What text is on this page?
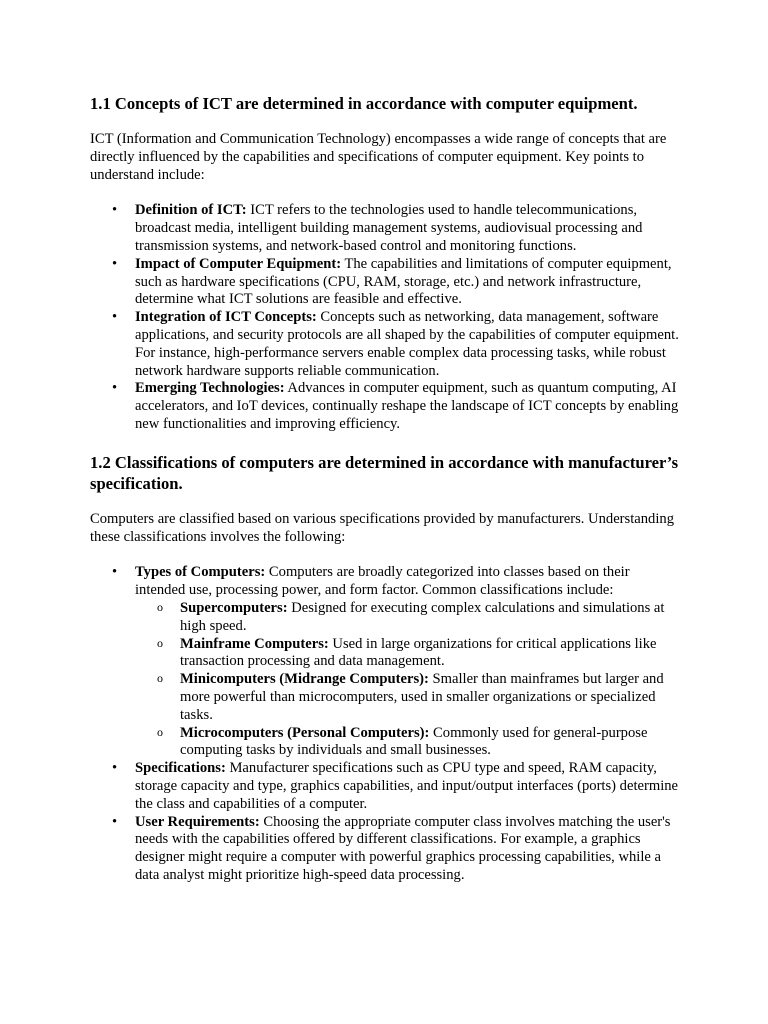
1.1 Concepts of ICT are determined in accordance with computer equipment.

ICT (Information and Communication Technology) encompasses a wide range of concepts that are directly influenced by the capabilities and specifications of computer equipment. Key points to understand include:

• Definition of ICT: ICT refers to the technologies used to handle telecommunications, broadcast media, intelligent building management systems, audiovisual processing and transmission systems, and network-based control and monitoring functions.
• Impact of Computer Equipment: The capabilities and limitations of computer equipment, such as hardware specifications (CPU, RAM, storage, etc.) and network infrastructure, determine what ICT solutions are feasible and effective.
• Integration of ICT Concepts: Concepts such as networking, data management, software applications, and security protocols are all shaped by the capabilities of computer equipment. For instance, high-performance servers enable complex data processing tasks, while robust network hardware supports reliable communication.
• Emerging Technologies: Advances in computer equipment, such as quantum computing, AI accelerators, and IoT devices, continually reshape the landscape of ICT concepts by enabling new functionalities and improving efficiency.
1.2 Classifications of computers are determined in accordance with manufacturer’s specification.

Computers are classified based on various specifications provided by manufacturers. Understanding these classifications involves the following:

• Types of Computers: Computers are broadly categorized into classes based on their intended use, processing power, and form factor. Common classifications include:
o Supercomputers: Designed for executing complex calculations and simulations at high speed.
o Mainframe Computers: Used in large organizations for critical applications like transaction processing and data management.
o Minicomputers (Midrange Computers): Smaller than mainframes but larger and more powerful than microcomputers, used in smaller organizations or specialized tasks.
o Microcomputers (Personal Computers): Commonly used for general-purpose computing tasks by individuals and small businesses.
• Specifications: Manufacturer specifications such as CPU type and speed, RAM capacity, storage capacity and type, graphics capabilities, and input/output interfaces (ports) determine the class and capabilities of a computer.
• User Requirements: Choosing the appropriate computer class involves matching the user's needs with the capabilities offered by different classifications. For example, a graphics designer might require a computer with powerful graphics processing capabilities, while a data analyst might prioritize high-speed data processing.
